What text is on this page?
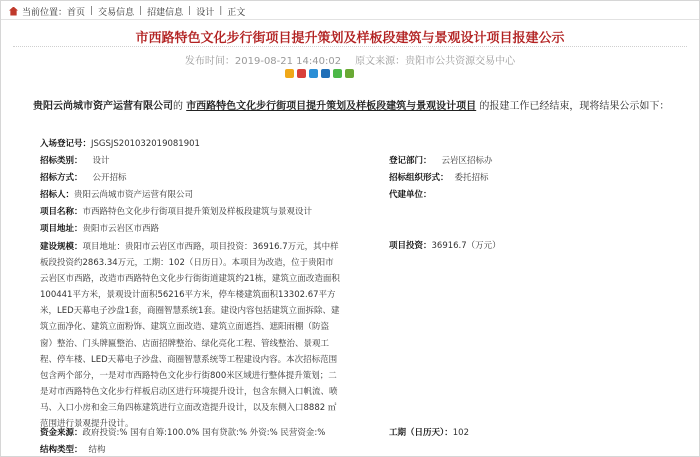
当前位置： 首页 | 交易信息 | 招建信息 | 设计 | 正文
市西路特色文化步行街项目提升策划及样板段建筑与景观设计项目报建公示
发布时间：2019-08-21 14:40:02 原文来源：贵阳市公共资源交易中心
贵阳云尚城市资产运营有限公司的 市西路特色文化步行街项目提升策划及样板段建筑与景观设计项目 的报建工作已经结束，现将结果公示如下：
入场登记号：JSGSJS201032019081901
招标类别： 设计	登记部门： 云岩区招标办
招标方式： 公开招标	招标组织形式： 委托招标
招标人：贵阳云尚城市资产运营有限公司	代建单位：
项目名称：市西路特色文化步行街项目提升策划及样板段建筑与景观设计
项目地址：贵阳市云岩区市西路
建设规模：项目地址：贵阳市云岩区市西路，项目投资：36916.7万元，其中样板段投资约2863.34万元，工期：102（日历日）。本项目为改造，位于贵阳市云岩区市西路，改造市西路特色文化步行街街道建筑约21栋，建筑立面改造面积100441平方米，景观设计面积56216平方米，停车楼建筑面积13302.67平方米，LED天幕电子沙盘1套，商圈智慧系统1套。建设内容包括建筑立面拆除、建筑立面净化、建筑立面粉饰、建筑立面改造、建筑立面遮挡、遮阳雨棚（防盗窗）整治、门头牌匾整治、店面招牌整治、绿化亮化工程、管线整治、景观工程、停车楼、LED天幕电子沙盘、商圈智慧系统等工程建设内容。本次招标范围包含两个部分，一是对市西路特色文化步行街800米区域进行整体提升策划；二是对市西路特色文化步行样板启动区进行环境提升设计，包含东侧入口帆流、喷马、入口小房和金三角四栋建筑进行立面改造提升设计，以及东侧入口8882 ㎡范围进行景观提升设计。
项目投资：36916.7（万元）
资金来源：政府投资:% 国有自筹:100.0% 国有贷款:% 外资:% 民营资金:%	工期（日历天）：102
结构类型： 结构
